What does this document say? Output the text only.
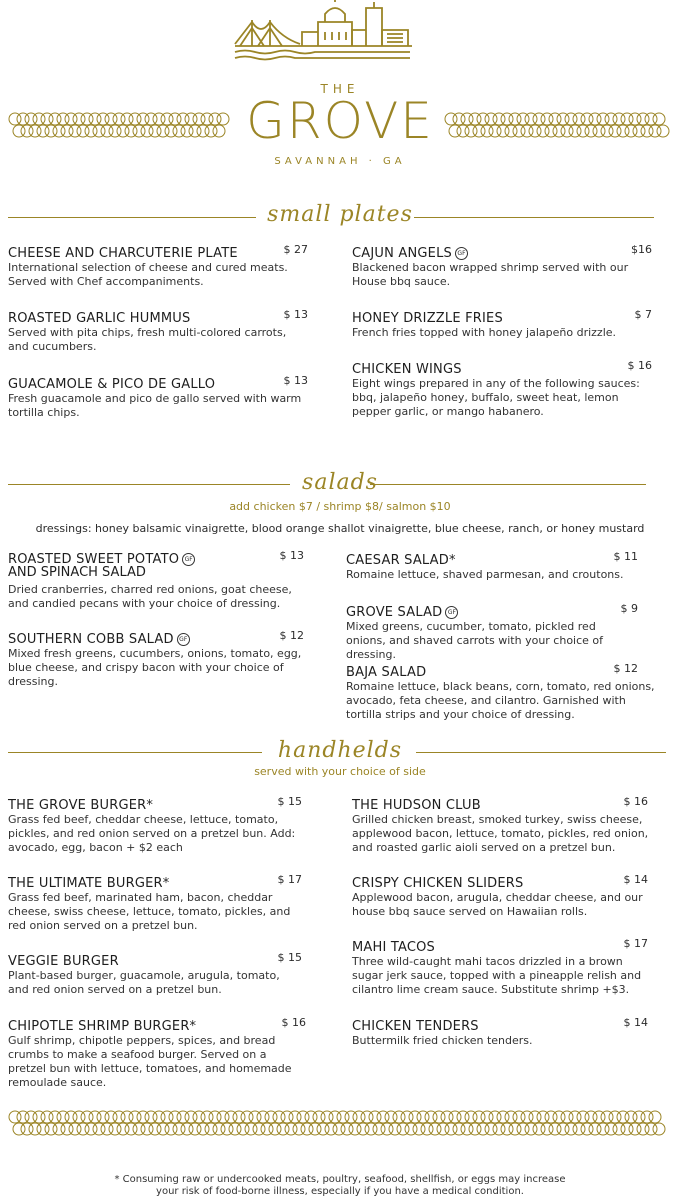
THE
GROVE
SAVANNAH · GA
small plates
CHEESE AND CHARCUTERIE PLATE	$ 27
International selection of cheese and cured meats. Served with Chef accompaniments.
ROASTED GARLIC HUMMUS	$ 13
Served with pita chips, fresh multi-colored carrots, and cucumbers.
GUACAMOLE & PICO DE GALLO	$ 13
Fresh guacamole and pico de gallo served with warm tortilla chips.
CAJUN ANGELS GF	$16
Blackened bacon wrapped shrimp served with our House bbq sauce.
HONEY DRIZZLE FRIES	$ 7
French fries topped with honey jalapeño drizzle.
CHICKEN WINGS	$ 16
Eight wings prepared in any of the following sauces: bbq, jalapeño honey, buffalo, sweet heat, lemon pepper garlic, or mango habanero.
salads
add chicken $7 / shrimp $8/ salmon $10
dressings: honey balsamic vinaigrette, blood orange shallot vinaigrette, blue cheese, ranch, or honey mustard
ROASTED SWEET POTATO GF	$ 13
AND SPINACH SALAD
Dried cranberries, charred red onions, goat cheese, and candied pecans with your choice of dressing.
SOUTHERN COBB SALAD GF	$ 12
Mixed fresh greens, cucumbers, onions, tomato, egg, blue cheese, and crispy bacon with your choice of dressing.
CAESAR SALAD*	$ 11
Romaine lettuce, shaved parmesan, and croutons.
GROVE SALAD GF	$ 9
Mixed greens, cucumber, tomato, pickled red onions, and shaved carrots with your choice of dressing.
BAJA SALAD	$ 12
Romaine lettuce, black beans, corn, tomato, red onions, avocado, feta cheese, and cilantro. Garnished with tortilla strips and your choice of dressing.
handhelds
served with your choice of side
THE GROVE BURGER*	$ 15
Grass fed beef, cheddar cheese, lettuce, tomato, pickles, and red onion served on a pretzel bun. Add: avocado, egg, bacon + $2 each
THE ULTIMATE BURGER*	$ 17
Grass fed beef, marinated ham, bacon, cheddar cheese, swiss cheese, lettuce, tomato, pickles, and red onion served on a pretzel bun.
VEGGIE BURGER	$ 15
Plant-based burger, guacamole, arugula, tomato, and red onion served on a pretzel bun.
CHIPOTLE SHRIMP BURGER*	$ 16
Gulf shrimp, chipotle peppers, spices, and bread crumbs to make a seafood burger. Served on a pretzel bun with lettuce, tomatoes, and homemade remoulade sauce.
THE HUDSON CLUB	$ 16
Grilled chicken breast, smoked turkey, swiss cheese, applewood bacon, lettuce, tomato, pickles, red onion, and roasted garlic aioli served on a pretzel bun.
CRISPY CHICKEN SLIDERS	$ 14
Applewood bacon, arugula, cheddar cheese, and our house bbq sauce served on Hawaiian rolls.
MAHI TACOS	$ 17
Three wild-caught mahi tacos drizzled in a brown sugar jerk sauce, topped with a pineapple relish and cilantro lime cream sauce. Substitute shrimp +$3.
CHICKEN TENDERS	$ 14
Buttermilk fried chicken tenders.
* Consuming raw or undercooked meats, poultry, seafood, shellfish, or eggs may increase
your risk of food-borne illness, especially if you have a medical condition.
